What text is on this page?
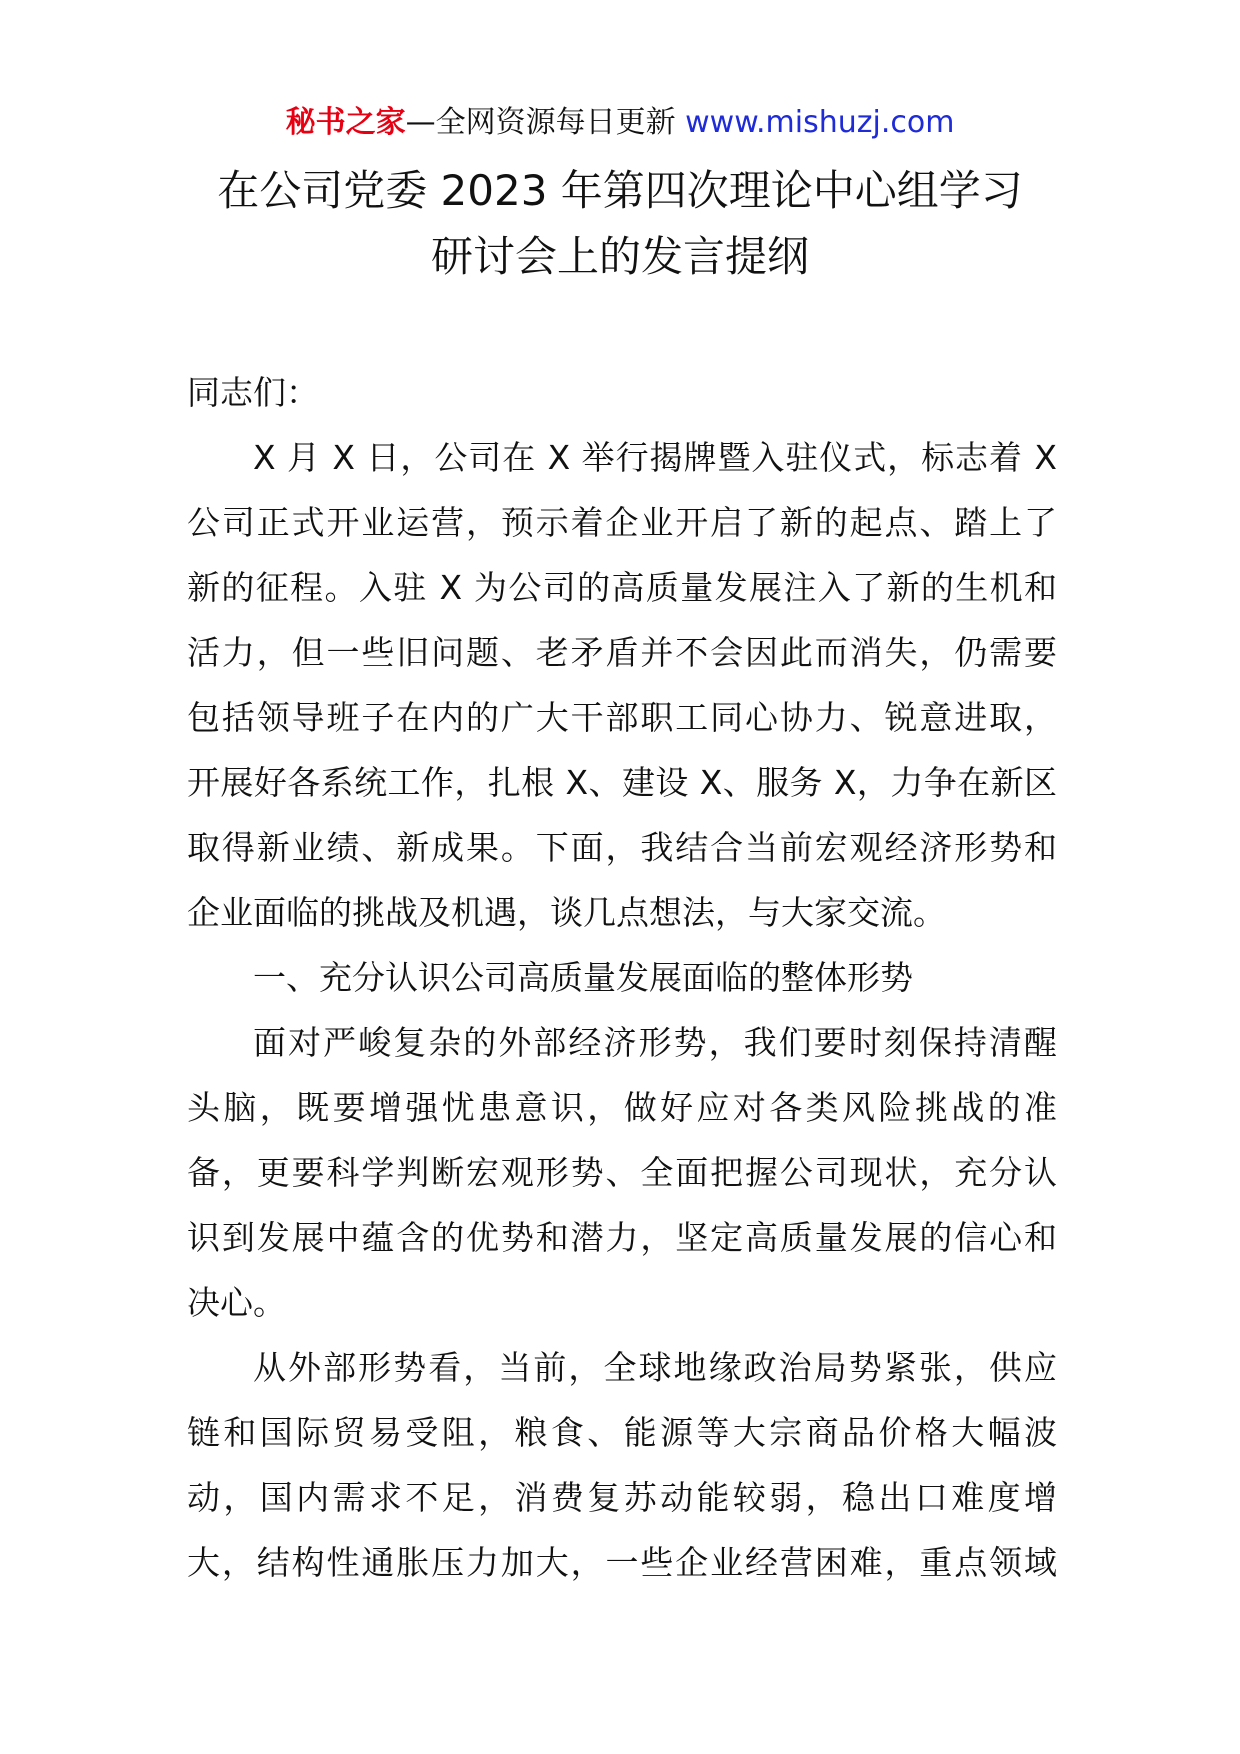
秘书之家—全网资源每日更新 www.mishuzj.com
在公司党委 2023 年第四次理论中心组学习
研讨会上的发言提纲
同志们：
X 月 X 日，公司在 X 举行揭牌暨入驻仪式，标志着 X
公司正式开业运营，预示着企业开启了新的起点、踏上了
新的征程。入驻 X 为公司的高质量发展注入了新的生机和
活力，但一些旧问题、老矛盾并不会因此而消失，仍需要
包括领导班子在内的广大干部职工同心协力、锐意进取，
开展好各系统工作，扎根 X、建设 X、服务 X，力争在新区
取得新业绩、新成果。下面，我结合当前宏观经济形势和
企业面临的挑战及机遇，谈几点想法，与大家交流。
一、充分认识公司高质量发展面临的整体形势
面对严峻复杂的外部经济形势，我们要时刻保持清醒
头脑，既要增强忧患意识，做好应对各类风险挑战的准
备，更要科学判断宏观形势、全面把握公司现状，充分认
识到发展中蕴含的优势和潜力，坚定高质量发展的信心和
决心。
从外部形势看，当前，全球地缘政治局势紧张，供应
链和国际贸易受阻，粮食、能源等大宗商品价格大幅波
动，国内需求不足，消费复苏动能较弱，稳出口难度增
大，结构性通胀压力加大，一些企业经营困难，重点领域
